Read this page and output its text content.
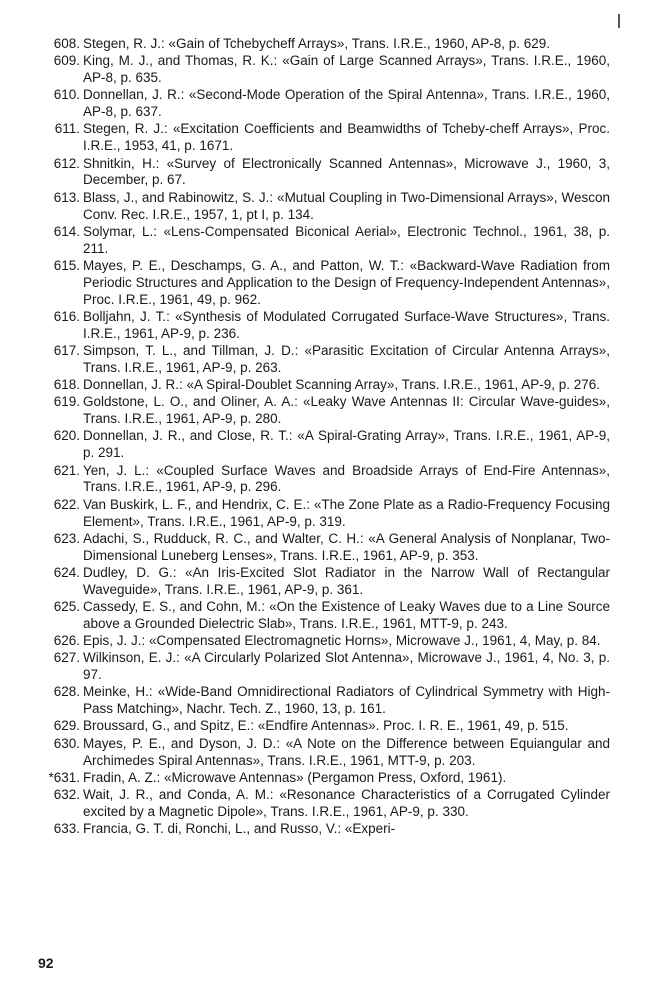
608. Stegen, R. J.: «Gain of Tchebycheff Arrays», Trans. I.R.E., 1960, AP-8, p. 629.
609. King, M. J., and Thomas, R. K.: «Gain of Large Scanned Arrays», Trans. I.R.E., 1960, AP-8, p. 635.
610. Donnellan, J. R.: «Second-Mode Operation of the Spiral Antenna», Trans. I.R.E., 1960, AP-8, p. 637.
611. Stegen, R. J.: «Excitation Coefficients and Beamwidths of Tcheby-cheff Arrays», Proc. I.R.E., 1953, 41, p. 1671.
612. Shnitkin, H.: «Survey of Electronically Scanned Antennas», Microwave J., 1960, 3, December, p. 67.
613. Blass, J., and Rabinowitz, S. J.: «Mutual Coupling in Two-Dimensional Arrays», Wescon Conv. Rec. I.R.E., 1957, 1, pt I, p. 134.
614. Solymar, L.: «Lens-Compensated Biconical Aerial», Electronic Technol., 1961, 38, p. 211.
615. Mayes, P. E., Deschamps, G. A., and Patton, W. T.: «Backward-Wave Radiation from Periodic Structures and Application to the Design of Frequency-Independent Antennas», Proc. I.R.E., 1961, 49, p. 962.
616. Bolljahn, J. T.: «Synthesis of Modulated Corrugated Surface-Wave Structures», Trans. I.R.E., 1961, AP-9, p. 236.
617. Simpson, T. L., and Tillman, J. D.: «Parasitic Excitation of Circular Antenna Arrays», Trans. I.R.E., 1961, AP-9, p. 263.
618. Donnellan, J. R.: «A Spiral-Doublet Scanning Array», Trans. I.R.E., 1961, AP-9, p. 276.
619. Goldstone, L. O., and Oliner, A. A.: «Leaky Wave Antennas II: Circular Wave-guides», Trans. I.R.E., 1961, AP-9, p. 280.
620. Donnellan, J. R., and Close, R. T.: «A Spiral-Grating Array», Trans. I.R.E., 1961, AP-9, p. 291.
621. Yen, J. L.: «Coupled Surface Waves and Broadside Arrays of End-Fire Antennas», Trans. I.R.E., 1961, AP-9, p. 296.
622. Van Buskirk, L. F., and Hendrix, C. E.: «The Zone Plate as a Radio-Frequency Focusing Element», Trans. I.R.E., 1961, AP-9, p. 319.
623. Adachi, S., Rudduck, R. C., and Walter, C. H.: «A General Analysis of Nonplanar, Two-Dimensional Luneberg Lenses», Trans. I.R.E., 1961, AP-9, p. 353.
624. Dudley, D. G.: «An Iris-Excited Slot Radiator in the Narrow Wall of Rectangular Waveguide», Trans. I.R.E., 1961, AP-9, p. 361.
625. Cassedy, E. S., and Cohn, M.: «On the Existence of Leaky Waves due to a Line Source above a Grounded Dielectric Slab», Trans. I.R.E., 1961, MTT-9, p. 243.
626. Epis, J. J.: «Compensated Electromagnetic Horns», Microwave J., 1961, 4, May, p. 84.
627. Wilkinson, E. J.: «A Circularly Polarized Slot Antenna», Microwave J., 1961, 4, No. 3, p. 97.
628. Meinke, H.: «Wide-Band Omnidirectional Radiators of Cylindrical Symmetry with High-Pass Matching», Nachr. Tech. Z., 1960, 13, p. 161.
629. Broussard, G., and Spitz, E.: «Endfire Antennas». Proc. I. R. E., 1961, 49, p. 515.
630. Mayes, P. E., and Dyson, J. D.: «A Note on the Difference between Equiangular and Archimedes Spiral Antennas», Trans. I.R.E., 1961, MTT-9, p. 203.
*631. Fradin, A. Z.: «Microwave Antennas» (Pergamon Press, Oxford, 1961).
632. Wait, J. R., and Conda, A. M.: «Resonance Characteristics of a Corrugated Cylinder excited by a Magnetic Dipole», Trans. I.R.E., 1961, AP-9, p. 330.
633. Francia, G. T. di, Ronchi, L., and Russo, V.: «Experi-
92
